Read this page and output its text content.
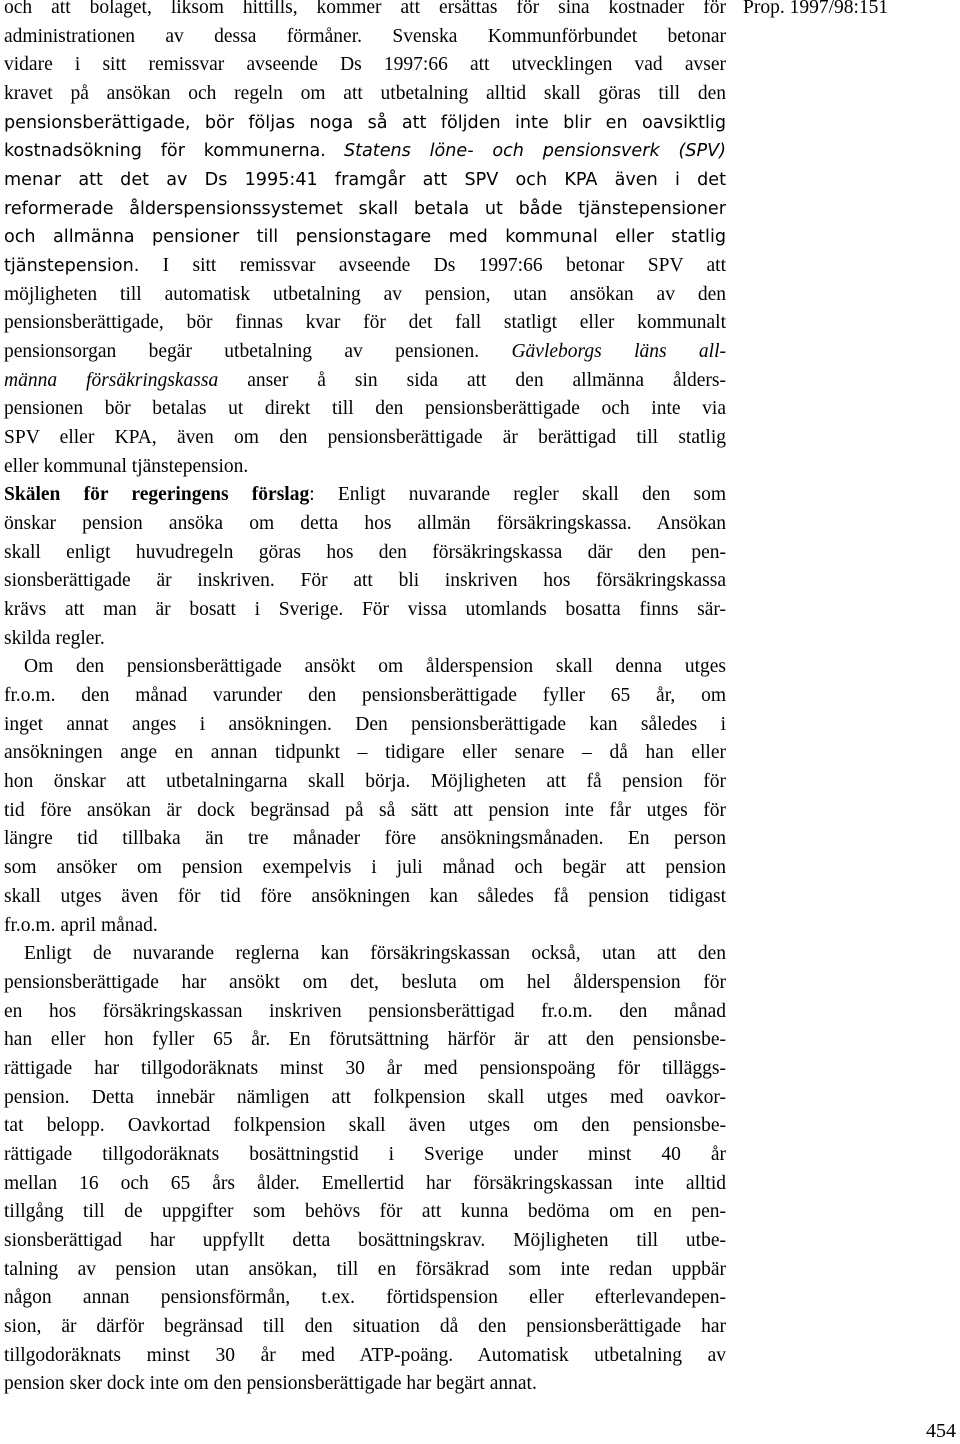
Prop. 1997/98:151
och att bolaget, liksom hittills, kommer att ersättas för sina kostnader för
administrationen av dessa förmåner. Svenska Kommunförbundet betonar
vidare i sitt remissvar avseende Ds 1997:66 att utvecklingen vad avser
kravet på ansökan och regeln om att utbetalning alltid skall göras till den
pensionsberättigade, bör följas noga så att följden inte blir en oavsiktlig
kostnadsökning för kommunerna. Statens löne- och pensionsverk (SPV)
menar att det av Ds 1995:41 framgår att SPV och KPA även i det
reformerade ålderspensionssystemet skall betala ut både tjänstepensioner
och allmänna pensioner till pensionstagare med kommunal eller statlig
tjänstepension. I sitt remissvar avseende Ds 1997:66 betonar SPV att
möjligheten till automatisk utbetalning av pension, utan ansökan av den
pensionsberättigade, bör finnas kvar för det fall statligt eller kommunalt
pensionsorgan begär utbetalning av pensionen. Gävleborgs läns all-
männa försäkringskassa anser å sin sida att den allmänna ålders-
pensionen bör betalas ut direkt till den pensionsberättigade och inte via
SPV eller KPA, även om den pensionsberättigade är berättigad till statlig
eller kommunal tjänstepension.
Skälen för regeringens förslag: Enligt nuvarande regler skall den som
önskar pension ansöka om detta hos allmän försäkringskassa. Ansökan
skall enligt huvudregeln göras hos den försäkringskassa där den pen-
sionsberättigade är inskriven. För att bli inskriven hos försäkringskassa
krävs att man är bosatt i Sverige. För vissa utomlands bosatta finns sär-
skilda regler.
Om den pensionsberättigade ansökt om ålderspension skall denna utges
fr.o.m. den månad varunder den pensionsberättigade fyller 65 år, om
inget annat anges i ansökningen. Den pensionsberättigade kan således i
ansökningen ange en annan tidpunkt – tidigare eller senare – då han eller
hon önskar att utbetalningarna skall börja. Möjligheten att få pension för
tid före ansökan är dock begränsad på så sätt att pension inte får utges för
längre tid tillbaka än tre månader före ansökningsmånaden. En person
som ansöker om pension exempelvis i juli månad och begär att pension
skall utges även för tid före ansökningen kan således få pension tidigast
fr.o.m. april månad.
Enligt de nuvarande reglerna kan försäkringskassan också, utan att den
pensionsberättigade har ansökt om det, besluta om hel ålderspension för
en hos försäkringskassan inskriven pensionsberättigad fr.o.m. den månad
han eller hon fyller 65 år. En förutsättning härför är att den pensionsbe-
rättigade har tillgodoräknats minst 30 år med pensionspoäng för tilläggs-
pension. Detta innebär nämligen att folkpension skall utges med oavkor-
tat belopp. Oavkortad folkpension skall även utges om den pensionsbe-
rättigade tillgodoräknats bosättningstid i Sverige under minst 40 år
mellan 16 och 65 års ålder. Emellertid har försäkringskassan inte alltid
tillgång till de uppgifter som behövs för att kunna bedöma om en pen-
sionsberättigad har uppfyllt detta bosättningskrav. Möjligheten till utbe-
talning av pension utan ansökan, till en försäkrad som inte redan uppbär
någon annan pensionsförmån, t.ex. förtidspension eller efterlevandepen-
sion, är därför begränsad till den situation då den pensionsberättigade har
tillgodoräknats minst 30 år med ATP-poäng. Automatisk utbetalning av
pension sker dock inte om den pensionsberättigade har begärt annat.
454
